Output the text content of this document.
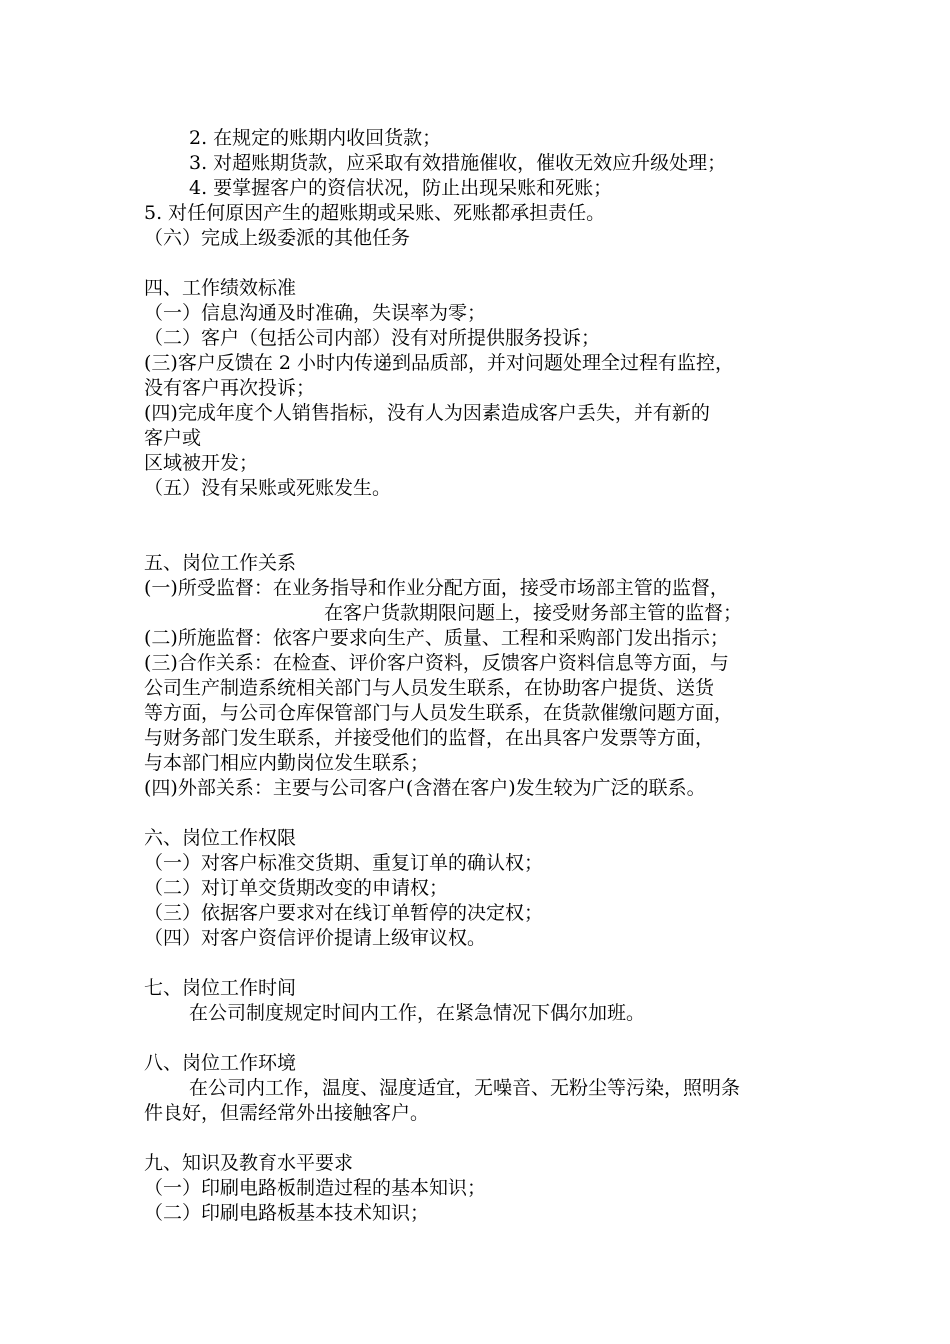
2. 在规定的账期内收回货款；
3. 对超账期货款，应采取有效措施催收，催收无效应升级处理；
4. 要掌握客户的资信状况，防止出现呆账和死账；
5. 对任何原因产生的超账期或呆账、死账都承担责任。
（六）完成上级委派的其他任务
四、工作绩效标准
（一）信息沟通及时准确，失误率为零；
（二）客户（包括公司内部）没有对所提供服务投诉；
(三)客户反馈在 2 小时内传递到品质部，并对问题处理全过程有监控，
没有客户再次投诉；
(四)完成年度个人销售指标，没有人为因素造成客户丢失，并有新的
客户或
区域被开发；
（五）没有呆账或死账发生。
五、岗位工作关系
(一)所受监督：在业务指导和作业分配方面，接受市场部主管的监督，
在客户货款期限问题上，接受财务部主管的监督；
(二)所施监督：依客户要求向生产、质量、工程和采购部门发出指示；
(三)合作关系：在检查、评价客户资料，反馈客户资料信息等方面，与
公司生产制造系统相关部门与人员发生联系，在协助客户提货、送货
等方面，与公司仓库保管部门与人员发生联系，在货款催缴问题方面，
与财务部门发生联系，并接受他们的监督，在出具客户发票等方面，
与本部门相应内勤岗位发生联系；
(四)外部关系：主要与公司客户(含潜在客户)发生较为广泛的联系。
六、岗位工作权限
（一）对客户标准交货期、重复订单的确认权；
（二）对订单交货期改变的申请权；
（三）依据客户要求对在线订单暂停的决定权；
（四）对客户资信评价提请上级审议权。
七、岗位工作时间
在公司制度规定时间内工作，在紧急情况下偶尔加班。
八、岗位工作环境
在公司内工作，温度、湿度适宜，无噪音、无粉尘等污染，照明条
件良好，但需经常外出接触客户。
九、知识及教育水平要求
（一）印刷电路板制造过程的基本知识；
（二）印刷电路板基本技术知识；
